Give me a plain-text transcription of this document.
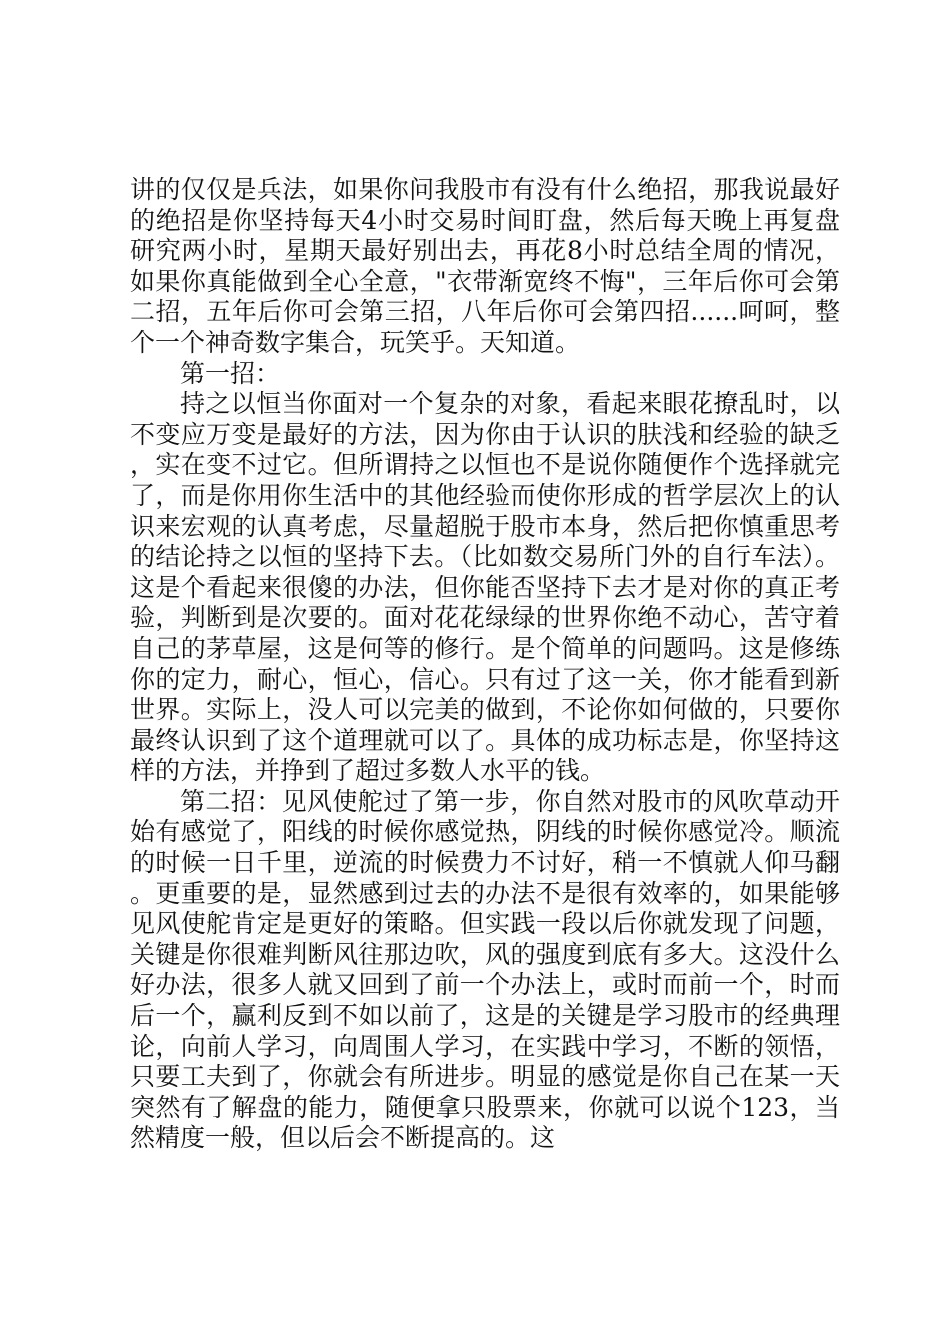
讲的仅仅是兵法，如果你问我股市有没有什么绝招，那我说最好的绝招是你坚持每天4小时交易时间盯盘，然后每天晚上再复盘研究两小时，星期天最好别出去，再花8小时总结全周的情况，如果你真能做到全心全意，"衣带渐宽终不悔"，三年后你可会第二招，五年后你可会第三招，八年后你可会第四招......呵呵，整个一个神奇数字集合，玩笑乎。天知道。

第一招：

持之以恒当你面对一个复杂的对象，看起来眼花撩乱时，以不变应万变是最好的方法，因为你由于认识的肤浅和经验的缺乏，实在变不过它。但所谓持之以恒也不是说你随便作个选择就完了，而是你用你生活中的其他经验而使你形成的哲学层次上的认识来宏观的认真考虑，尽量超脱于股市本身，然后把你慎重思考的结论持之以恒的坚持下去。（比如数交易所门外的自行车法）。这是个看起来很傻的办法，但你能否坚持下去才是对你的真正考验，判断到是次要的。面对花花绿绿的世界你绝不动心，苦守着自己的茅草屋，这是何等的修行。是个简单的问题吗。这是修练你的定力，耐心，恒心，信心。只有过了这一关，你才能看到新世界。实际上，没人可以完美的做到，不论你如何做的，只要你最终认识到了这个道理就可以了。具体的成功标志是，你坚持这样的方法，并挣到了超过多数人水平的钱。

第二招：见风使舵过了第一步，你自然对股市的风吹草动开始有感觉了，阳线的时候你感觉热，阴线的时候你感觉冷。顺流的时候一日千里，逆流的时候费力不讨好，稍一不慎就人仰马翻。更重要的是，显然感到过去的办法不是很有效率的，如果能够见风使舵肯定是更好的策略。但实践一段以后你就发现了问题，关键是你很难判断风往那边吹，风的强度到底有多大。这没什么好办法，很多人就又回到了前一个办法上，或时而前一个，时而后一个，赢利反到不如以前了，这是的关键是学习股市的经典理论，向前人学习，向周围人学习，在实践中学习，不断的领悟，只要工夫到了，你就会有所进步。明显的感觉是你自己在某一天突然有了解盘的能力，随便拿只股票来，你就可以说个123，当然精度一般，但以后会不断提高的。这
